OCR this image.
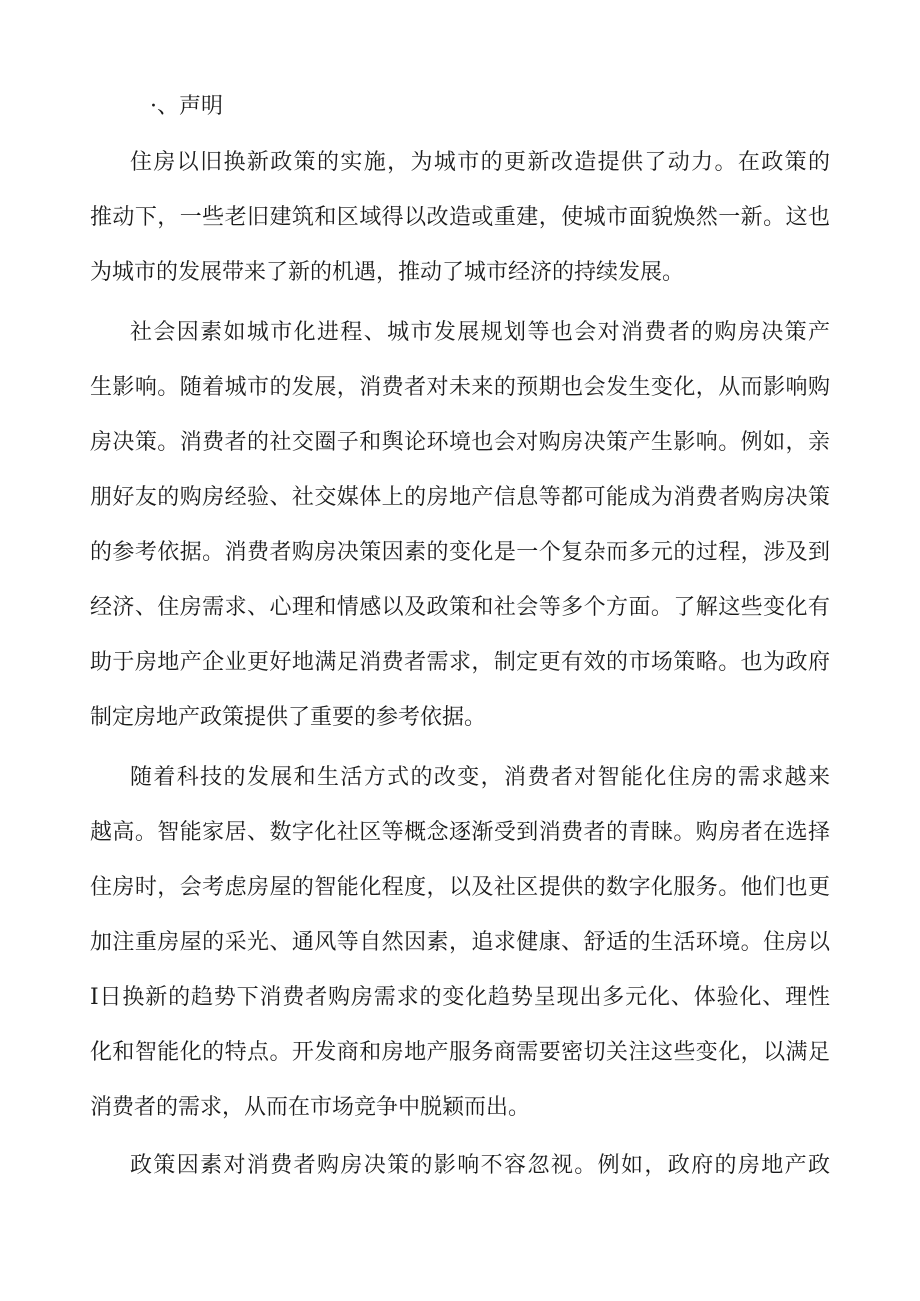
·、声明

住房以旧换新政策的实施，为城市的更新改造提供了动力。在政策的

推动下，一些老旧建筑和区域得以改造或重建，使城市面貌焕然一新。这也

为城市的发展带来了新的机遇，推动了城市经济的持续发展。

社会因素如城市化进程、城市发展规划等也会对消费者的购房决策产

生影响。随着城市的发展，消费者对未来的预期也会发生变化，从而影响购

房决策。消费者的社交圈子和舆论环境也会对购房决策产生影响。例如，亲

朋好友的购房经验、社交媒体上的房地产信息等都可能成为消费者购房决策

的参考依据。消费者购房决策因素的变化是一个复杂而多元的过程，涉及到

经济、住房需求、心理和情感以及政策和社会等多个方面。了解这些变化有

助于房地产企业更好地满足消费者需求，制定更有效的市场策略。也为政府

制定房地产政策提供了重要的参考依据。

随着科技的发展和生活方式的改变，消费者对智能化住房的需求越来

越高。智能家居、数字化社区等概念逐渐受到消费者的青睐。购房者在选择

住房时，会考虑房屋的智能化程度，以及社区提供的数字化服务。他们也更

加注重房屋的采光、通风等自然因素，追求健康、舒适的生活环境。住房以

I日换新的趋势下消费者购房需求的变化趋势呈现出多元化、体验化、理性

化和智能化的特点。开发商和房地产服务商需要密切关注这些变化，以满足

消费者的需求，从而在市场竞争中脱颖而出。

政策因素对消费者购房决策的影响不容忽视。例如，政府的房地产政
